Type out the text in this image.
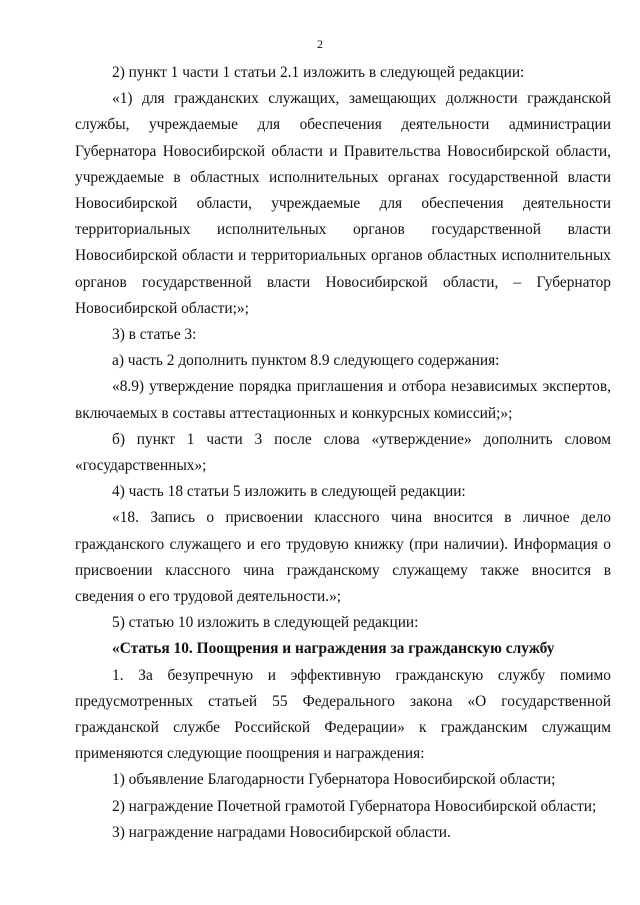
2

2) пункт 1 части 1 статьи 2.1 изложить в следующей редакции:

«1) для гражданских служащих, замещающих должности гражданской службы, учреждаемые для обеспечения деятельности администрации Губернатора Новосибирской области и Правительства Новосибирской области, учреждаемые в областных исполнительных органах государственной власти Новосибирской области, учреждаемые для обеспечения деятельности территориальных исполнительных органов государственной власти Новосибирской области и территориальных органов областных исполнительных органов государственной власти Новосибирской области, – Губернатор Новосибирской области;»;

3) в статье 3:

а) часть 2 дополнить пунктом 8.9 следующего содержания:

«8.9) утверждение порядка приглашения и отбора независимых экспертов, включаемых в составы аттестационных и конкурсных комиссий;»;

б) пункт 1 части 3 после слова «утверждение» дополнить словом «государственных»;

4) часть 18 статьи 5 изложить в следующей редакции:

«18. Запись о присвоении классного чина вносится в личное дело гражданского служащего и его трудовую книжку (при наличии). Информация о присвоении классного чина гражданскому служащему также вносится в сведения о его трудовой деятельности.»;

5) статью 10 изложить в следующей редакции:

«Статья 10. Поощрения и награждения за гражданскую службу

1. За безупречную и эффективную гражданскую службу помимо предусмотренных статьей 55 Федерального закона «О государственной гражданской службе Российской Федерации» к гражданским служащим применяются следующие поощрения и награждения:

1) объявление Благодарности Губернатора Новосибирской области;

2) награждение Почетной грамотой Губернатора Новосибирской области;

3) награждение наградами Новосибирской области.
